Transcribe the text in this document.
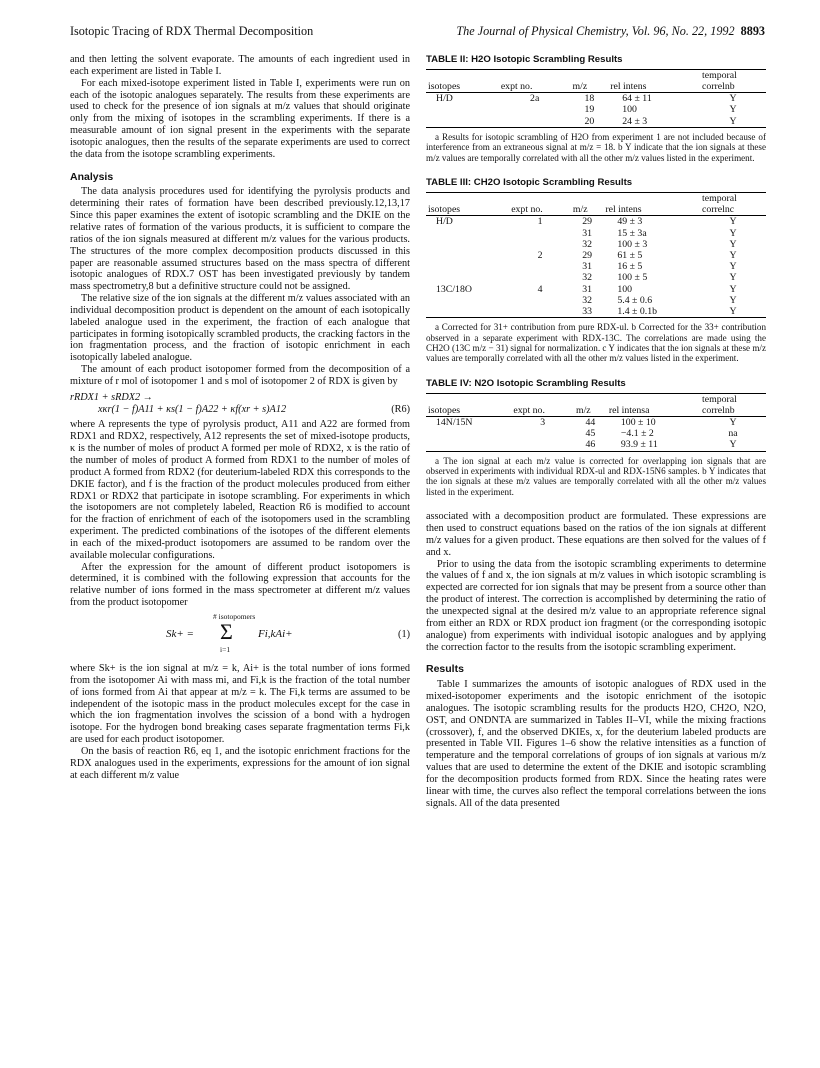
Isotopic Tracing of RDX Thermal Decomposition	The Journal of Physical Chemistry, Vol. 96, No. 22, 1992 8893

and then letting the solvent evaporate. The amounts of each ingredient used in each experiment are listed in Table I.

For each mixed-isotope experiment listed in Table I, experiments were run on each of the isotopic analogues separately. The results from these experiments are used to check for the presence of ion signals at m/z values that should originate only from the mixing of isotopes in the scrambling experiments. If there is a measurable amount of ion signal present in the experiments with the separate isotopic analogues, then the results of the separate experiments are used to correct the data from the isotope scrambling experiments.

Analysis

The data analysis procedures used for identifying the pyrolysis products and determining their rates of formation have been described previously.12,13,17 Since this paper examines the extent of isotopic scrambling and the DKIE on the relative rates of formation of the various products, it is sufficient to compare the ratios of the ion signals measured at different m/z values for the various products. The structures of the more complex decomposition products discussed in this paper are reasonable assumed structures based on the mass spectra of different isotopic analogues of RDX.7 OST has been investigated previously by tandem mass spectrometry,8 but a definitive structure could not be assigned.

The relative size of the ion signals at the different m/z values associated with an individual decomposition product is dependent on the amount of each isotopically labeled analogue used in the experiment, the fraction of each analogue that participates in forming isotopically scrambled products, the cracking factors in the ion fragmentation process, and the fraction of isotopic enrichment in each isotopically labeled analogue.

The amount of each product isotopomer formed from the decomposition of a mixture of r mol of isotopomer 1 and s mol of isotopomer 2 of RDX is given by

rRDX1 + sRDX2 →
(R6)
xκr(1 − f)A11 + κs(1 − f)A22 + κf(xr + s)A12

where A represents the type of pyrolysis product, A11 and A22 are formed from RDX1 and RDX2, respectively, A12 represents the set of mixed-isotope products, κ is the number of moles of product A formed per mole of RDX2, x is the ratio of the number of moles of product A formed from RDX1 to the number of moles of product A formed from RDX2 (for deuterium-labeled RDX this corresponds to the DKIE factor), and f is the fraction of the product molecules produced from either RDX1 or RDX2 that participate in isotope scrambling. For experiments in which the isotopomers are not completely labeled, Reaction R6 is modified to account for the fraction of enrichment of each of the isotopomers used in the scrambling experiment. The predicted combinations of the isotopes of the different elements in each of the mixed-product isotopomers are assumed to be random over the available molecular configurations.

After the expression for the amount of different product isotopomers is determined, it is combined with the following expression that accounts for the relative number of ions formed in the mass spectrometer at different m/z values from the product isotopomer

# isotopomers
Sk+ = Σ
i=1
Fi,kAi+	(1)

where Sk+ is the ion signal at m/z = k, Ai+ is the total number of ions formed from the isotopomer Ai with mass mi, and Fi,k is the fraction of the total number of ions formed from Ai that appear at m/z = k. The Fi,k terms are assumed to be independent of the isotopic mass in the product molecules except for the case in which the ion fragmentation involves the scission of a bond with a hydrogen isotope. For the hydrogen bond breaking cases separate fragmentation terms Fi,k are used for each product isotopomer.

On the basis of reaction R6, eq 1, and the isotopic enrichment fractions for the RDX analogues used in the experiments, expressions for the amount of ion signal at each different m/z value

TABLE II: H2O Isotopic Scrambling Results
isotopes	expt no.	m/z	rel intens	temporal correlnb
H/D	2a	18	64 ± 11	Y
		19	100	Y
		20	24 ± 3	Y
a Results for isotopic scrambling of H2O from experiment 1 are not included because of interference from an extraneous signal at m/z = 18. b Y indicate that the ion signals at these m/z values are temporally correlated with all the other m/z values listed in the experiment.
TABLE III: CH2O Isotopic Scrambling Results
isotopes	expt no.	m/z	rel intens	temporal correlnc
H/D	1	29	49 ± 3	Y
		31	15 ± 3a	Y
		32	100 ± 3	Y
	2	29	61 ± 5	Y
		31	16 ± 5	Y
		32	100 ± 5	Y
13C/18O	4	31	100	Y
		32	5.4 ± 0.6	Y
		33	1.4 ± 0.1b	Y
a Corrected for 31+ contribution from pure RDX-ul. b Corrected for the 33+ contribution observed in a separate experiment with RDX-13C. The correlations are made using the CH2O (13C m/z − 31) signal for normalization. c Y indicates that the ion signals at these m/z values are temporally correlated with all the other m/z values listed in the experiment.
TABLE IV: N2O Isotopic Scrambling Results
isotopes	expt no.	m/z	rel intensa	temporal correlnb
14N/15N	3	44	100 ± 10	Y
		45	−4.1 ± 2	na
		46	93.9 ± 11	Y
a The ion signal at each m/z value is corrected for overlapping ion signals that are observed in experiments with individual RDX-ul and RDX-15N6 samples. b Y indicates that the ion signals at these m/z values are temporally correlated with all the other m/z values listed in the experiment.

associated with a decomposition product are formulated. These expressions are then used to construct equations based on the ratios of the ion signals at different m/z values for a given product. These equations are then solved for the values of f and x.

Prior to using the data from the isotopic scrambling experiments to determine the values of f and x, the ion signals at m/z values in which isotopic scrambling is expected are corrected for ion signals that may be present from a source other than the product of interest. The correction is accomplished by determining the ratio of the unexpected signal at the desired m/z value to an appropriate reference signal from either an RDX or RDX product ion fragment (or the corresponding isotopic analogue) from experiments with individual isotopic analogues and by applying the correction factor to the results from the isotopic scrambling experiment.

Results

Table I summarizes the amounts of isotopic analogues of RDX used in the mixed-isotopomer experiments and the isotopic enrichment of the isotopic analogues. The isotopic scrambling results for the products H2O, CH2O, N2O, OST, and ONDNTA are summarized in Tables II–VI, while the mixing fractions (crossover), f, and the observed DKIEs, x, for the deuterium labeled products are presented in Table VII. Figures 1–6 show the relative intensities as a function of temperature and the temporal correlations of groups of ion signals at various m/z values that are used to determine the extent of the DKIE and isotopic scrambling for the decomposition products formed from RDX. Since the heating rates were linear with time, the curves also reflect the temporal correlations between the ions signals. All of the data presented
